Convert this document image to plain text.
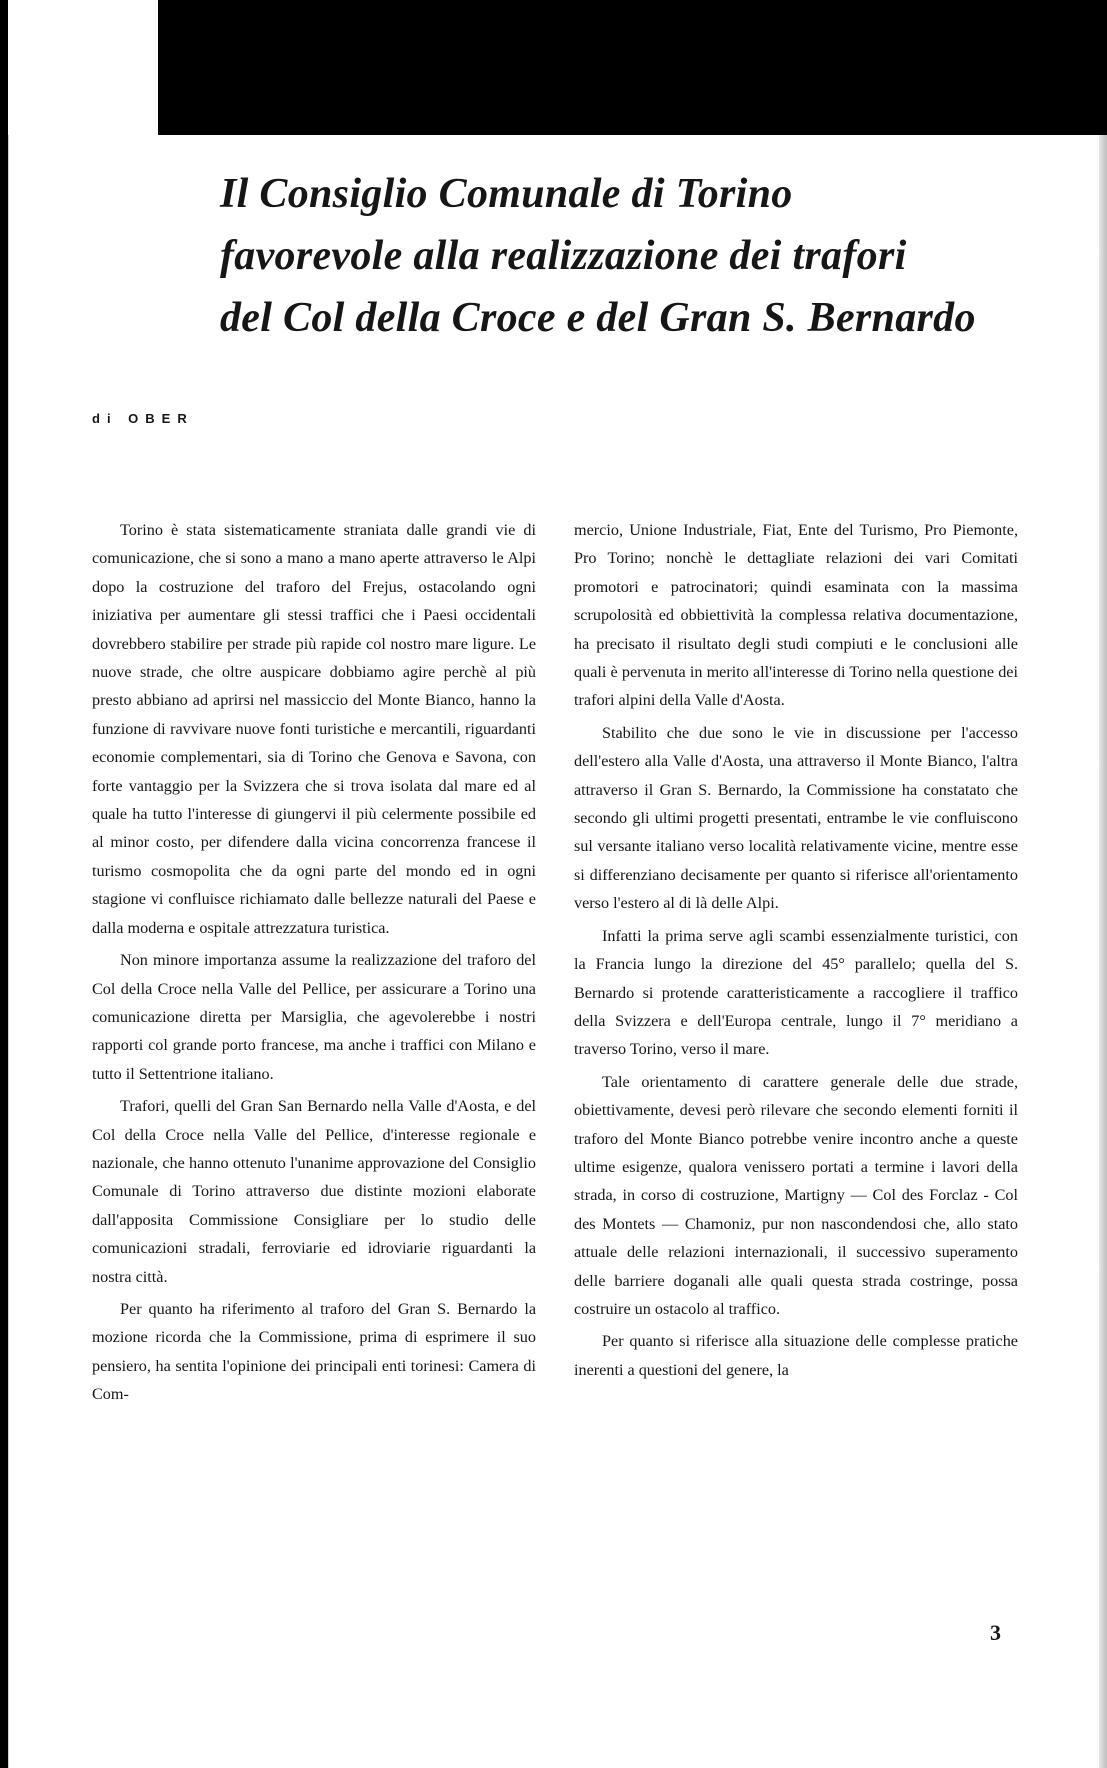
Il Consiglio Comunale di Torino
favorevole alla realizzazione dei trafori
del Col della Croce e del Gran S. Bernardo
di OBER

Torino è stata sistematicamente straniata dalle grandi vie di comunicazione, che si sono a mano a mano aperte attraverso le Alpi dopo la costruzione del traforo del Frejus, ostacolando ogni iniziativa per aumentare gli stessi traffici che i Paesi occidentali dovrebbero stabilire per strade più rapide col nostro mare ligure. Le nuove strade, che oltre auspicare dobbiamo agire perchè al più presto abbiano ad aprirsi nel massiccio del Monte Bianco, hanno la funzione di ravvivare nuove fonti turistiche e mercantili, riguardanti economie complementari, sia di Torino che Genova e Savona, con forte vantaggio per la Svizzera che si trova isolata dal mare ed al quale ha tutto l'interesse di giungervi il più celermente possibile ed al minor costo, per difendere dalla vicina concorrenza francese il turismo cosmopolita che da ogni parte del mondo ed in ogni stagione vi confluisce richiamato dalle bellezze naturali del Paese e dalla moderna e ospitale attrezzatura turistica.

Non minore importanza assume la realizzazione del traforo del Col della Croce nella Valle del Pellice, per assicurare a Torino una comunicazione diretta per Marsiglia, che agevolerebbe i nostri rapporti col grande porto francese, ma anche i traffici con Milano e tutto il Settentrione italiano.

Trafori, quelli del Gran San Bernardo nella Valle d'Aosta, e del Col della Croce nella Valle del Pellice, d'interesse regionale e nazionale, che hanno ottenuto l'unanime approvazione del Consiglio Comunale di Torino attraverso due distinte mozioni elaborate dall'apposita Commissione Consigliare per lo studio delle comunicazioni stradali, ferroviarie ed idroviarie riguardanti la nostra città.

Per quanto ha riferimento al traforo del Gran S. Bernardo la mozione ricorda che la Commissione, prima di esprimere il suo pensiero, ha sentita l'opinione dei principali enti torinesi: Camera di Com-

mercio, Unione Industriale, Fiat, Ente del Turismo, Pro Piemonte, Pro Torino; nonchè le dettagliate relazioni dei vari Comitati promotori e patrocinatori; quindi esaminata con la massima scrupolosità ed obbiettività la complessa relativa documentazione, ha precisato il risultato degli studi compiuti e le conclusioni alle quali è pervenuta in merito all'interesse di Torino nella questione dei trafori alpini della Valle d'Aosta.

Stabilito che due sono le vie in discussione per l'accesso dell'estero alla Valle d'Aosta, una attraverso il Monte Bianco, l'altra attraverso il Gran S. Bernardo, la Commissione ha constatato che secondo gli ultimi progetti presentati, entrambe le vie confluiscono sul versante italiano verso località relativamente vicine, mentre esse si differenziano decisamente per quanto si riferisce all'orientamento verso l'estero al di là delle Alpi.

Infatti la prima serve agli scambi essenzialmente turistici, con la Francia lungo la direzione del 45° parallelo; quella del S. Bernardo si protende caratteristicamente a raccogliere il traffico della Svizzera e dell'Europa centrale, lungo il 7° meridiano a traverso Torino, verso il mare.

Tale orientamento di carattere generale delle due strade, obiettivamente, devesi però rilevare che secondo elementi forniti il traforo del Monte Bianco potrebbe venire incontro anche a queste ultime esigenze, qualora venissero portati a termine i lavori della strada, in corso di costruzione, Martigny — Col des Forclaz - Col des Montets — Chamoniz, pur non nascondendosi che, allo stato attuale delle relazioni internazionali, il successivo superamento delle barriere doganali alle quali questa strada costringe, possa costruire un ostacolo al traffico.

Per quanto si riferisce alla situazione delle complesse pratiche inerenti a questioni del genere, la

3
